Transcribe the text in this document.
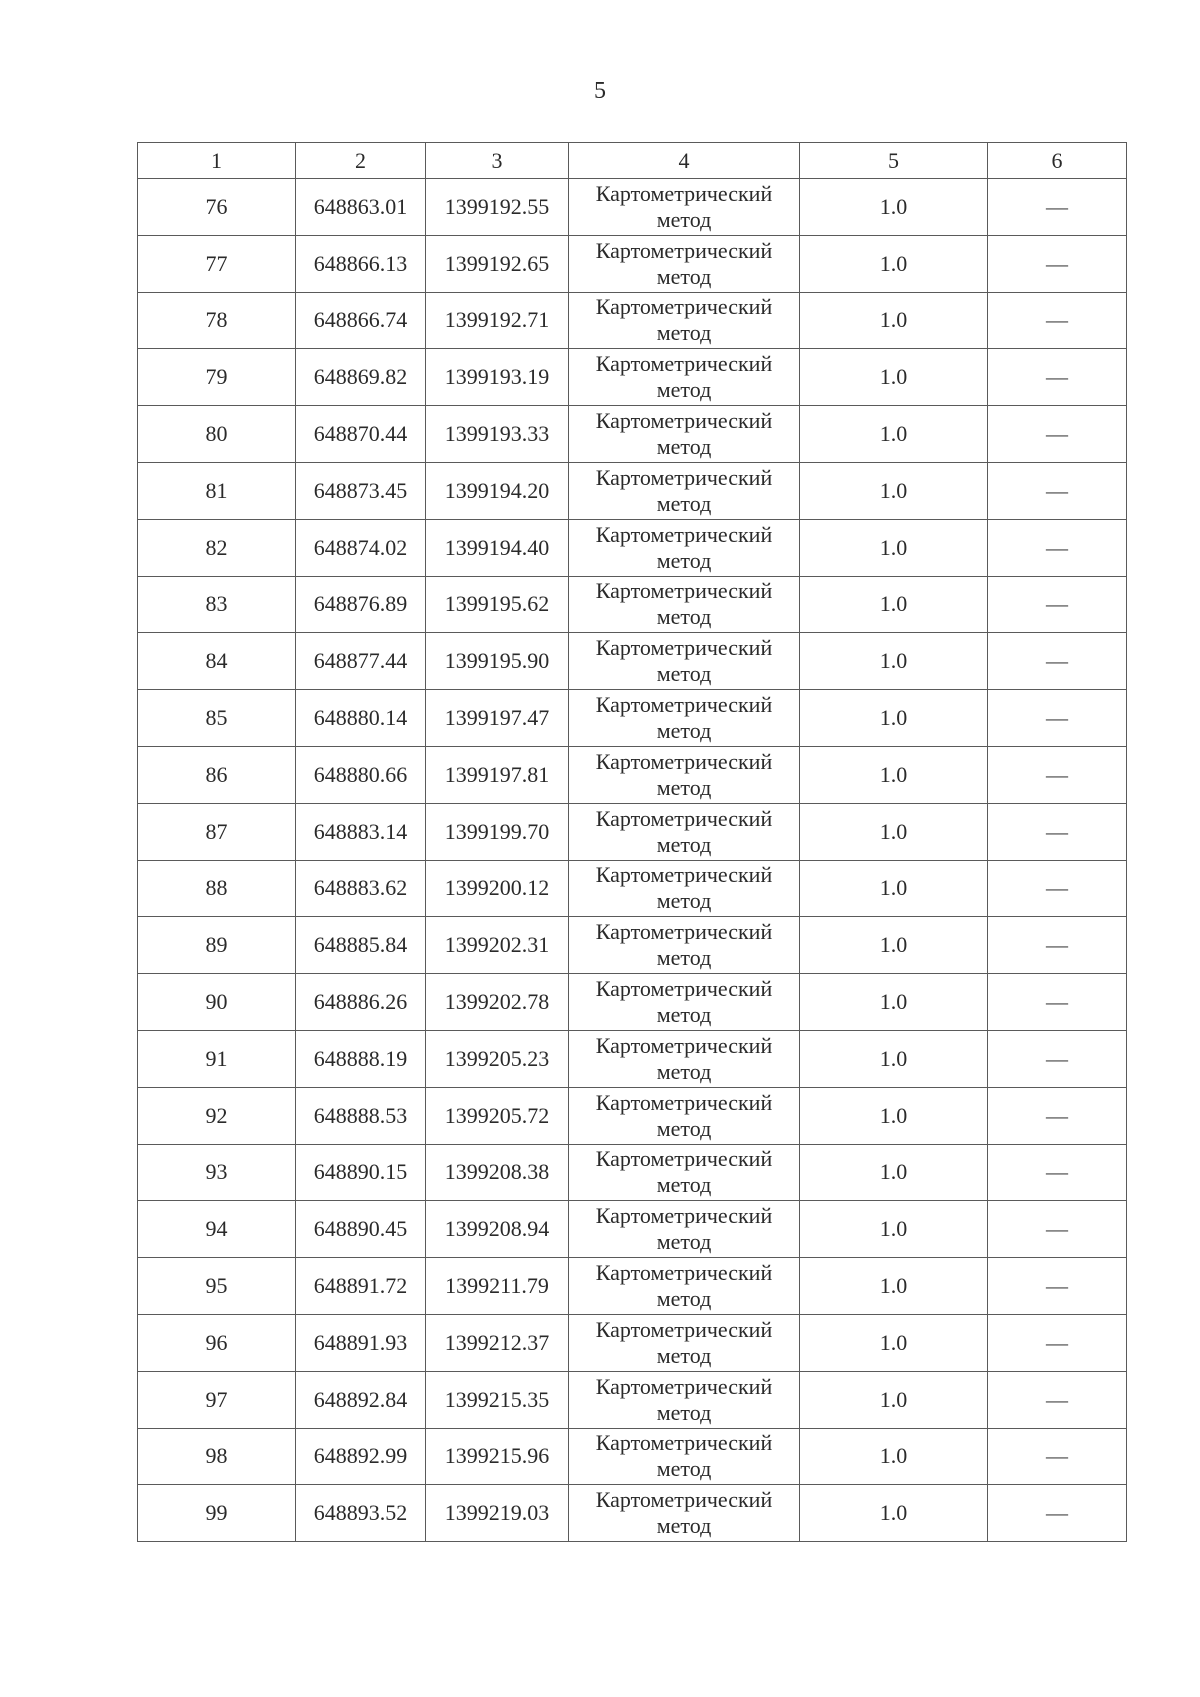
5
1	2	3	4	5	6
76	648863.01	1399192.55	Картометрический метод	1.0	—
77	648866.13	1399192.65	Картометрический метод	1.0	—
78	648866.74	1399192.71	Картометрический метод	1.0	—
79	648869.82	1399193.19	Картометрический метод	1.0	—
80	648870.44	1399193.33	Картометрический метод	1.0	—
81	648873.45	1399194.20	Картометрический метод	1.0	—
82	648874.02	1399194.40	Картометрический метод	1.0	—
83	648876.89	1399195.62	Картометрический метод	1.0	—
84	648877.44	1399195.90	Картометрический метод	1.0	—
85	648880.14	1399197.47	Картометрический метод	1.0	—
86	648880.66	1399197.81	Картометрический метод	1.0	—
87	648883.14	1399199.70	Картометрический метод	1.0	—
88	648883.62	1399200.12	Картометрический метод	1.0	—
89	648885.84	1399202.31	Картометрический метод	1.0	—
90	648886.26	1399202.78	Картометрический метод	1.0	—
91	648888.19	1399205.23	Картометрический метод	1.0	—
92	648888.53	1399205.72	Картометрический метод	1.0	—
93	648890.15	1399208.38	Картометрический метод	1.0	—
94	648890.45	1399208.94	Картометрический метод	1.0	—
95	648891.72	1399211.79	Картометрический метод	1.0	—
96	648891.93	1399212.37	Картометрический метод	1.0	—
97	648892.84	1399215.35	Картометрический метод	1.0	—
98	648892.99	1399215.96	Картометрический метод	1.0	—
99	648893.52	1399219.03	Картометрический метод	1.0	—
